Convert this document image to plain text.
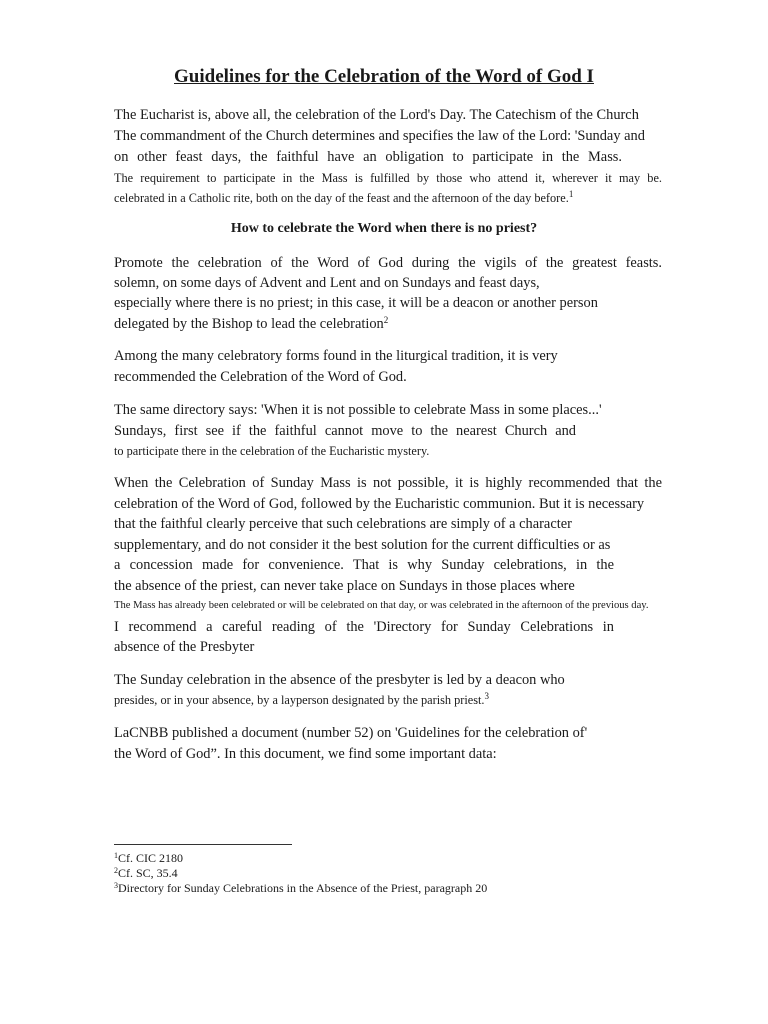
Guidelines for the Celebration of the Word of God I
The Eucharist is, above all, the celebration of the Lord's Day. The Catechism of the Church
The commandment of the Church determines and specifies the law of the Lord: 'Sunday and
on other feast days, the faithful have an obligation to participate in the Mass.
The requirement to participate in the Mass is fulfilled by those who attend it, wherever it may be.
celebrated in a Catholic rite, both on the day of the feast and the afternoon of the day before.$^1$
How to celebrate the Word when there is no priest?
Promote the celebration of the Word of God during the vigils of the greatest feasts.
solemn, on some days of Advent and Lent and on Sundays and feast days,
especially where there is no priest; in this case, it will be a deacon or another person
delegated by the Bishop to lead the celebration$^2$
Among the many celebratory forms found in the liturgical tradition, it is very
recommended the Celebration of the Word of God.
The same directory says: 'When it is not possible to celebrate Mass in some places...'
Sundays, first see if the faithful cannot move to the nearest Church and
to participate there in the celebration of the Eucharistic mystery.
When the Celebration of Sunday Mass is not possible, it is highly recommended that the
celebration of the Word of God, followed by the Eucharistic communion. But it is necessary
that the faithful clearly perceive that such celebrations are simply of a character
supplementary, and do not consider it the best solution for the current difficulties or as
a concession made for convenience. That is why Sunday celebrations, in the
the absence of the priest, can never take place on Sundays in those places where
The Mass has already been celebrated or will be celebrated on that day, or was celebrated in the afternoon of the previous day.
I recommend a careful reading of the 'Directory for Sunday Celebrations in
absence of the Presbyter
The Sunday celebration in the absence of the presbyter is led by a deacon who
presides, or in your absence, by a layperson designated by the parish priest.$^3$
LaCNBB published a document (number 52) on 'Guidelines for the celebration of'
the Word of God”. In this document, we find some important data:
$^1$Cf. CIC 2180
$^2$Cf. SC, 35.4
$^3$Directory for Sunday Celebrations in the Absence of the Priest, paragraph 20
